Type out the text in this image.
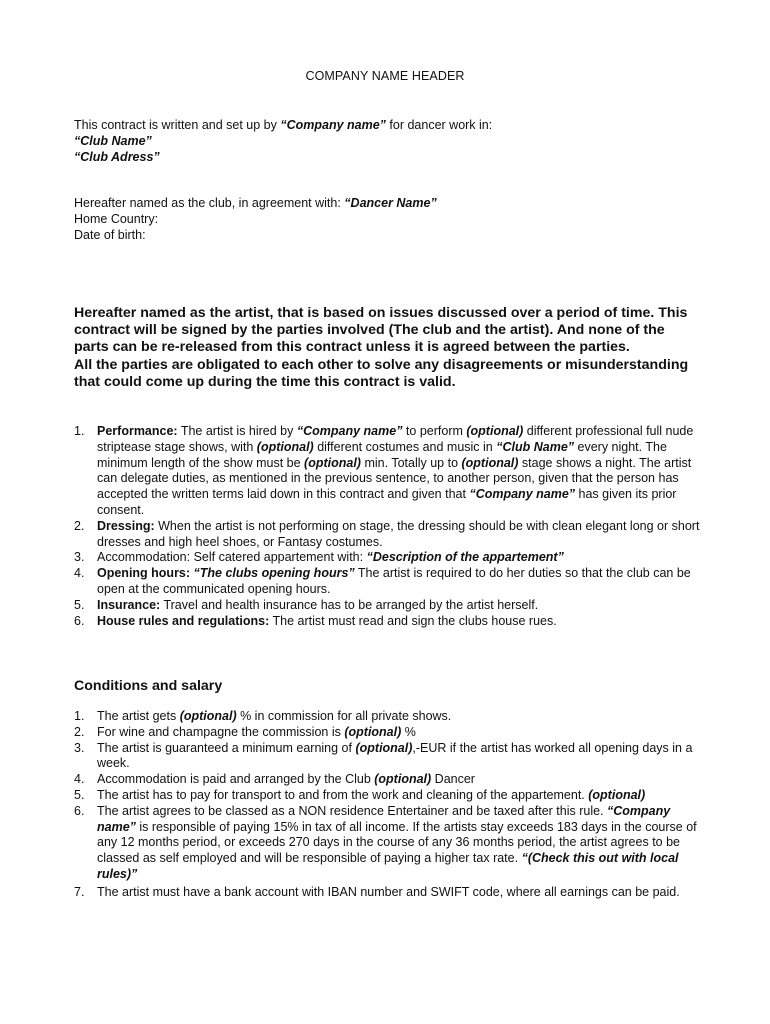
COMPANY NAME HEADER
This contract is written and set up by “Company name” for dancer work in:
“Club Name”
“Club Adress”
Hereafter named as the club, in agreement with: “Dancer Name”
Home Country:
Date of birth:
Hereafter named as the artist, that is based on issues discussed over a period of time. This contract will be signed by the parties involved (The club and the artist). And none of the parts can be re-released from this contract unless it is agreed between the parties.
All the parties are obligated to each other to solve any disagreements or misunderstanding that could come up during the time this contract is valid.
1. Performance: The artist is hired by “Company name” to perform (optional) different professional full nude striptease stage shows, with (optional) different costumes and music in “Club Name” every night. The minimum length of the show must be (optional) min. Totally up to (optional) stage shows a night. The artist can delegate duties, as mentioned in the previous sentence, to another person, given that the person has accepted the written terms laid down in this contract and given that “Company name” has given its prior consent.
2. Dressing: When the artist is not performing on stage, the dressing should be with clean elegant long or short dresses and high heel shoes, or Fantasy costumes.
3. Accommodation: Self catered appartement with: “Description of the appartement”
4. Opening hours: “The clubs opening hours” The artist is required to do her duties so that the club can be open at the communicated opening hours.
5. Insurance: Travel and health insurance has to be arranged by the artist herself.
6. House rules and regulations: The artist must read and sign the clubs house rues.
Conditions and salary
1. The artist gets (optional) % in commission for all private shows.
2. For wine and champagne the commission is (optional) %
3. The artist is guaranteed a minimum earning of (optional),-EUR if the artist has worked all opening days in a week.
4. Accommodation is paid and arranged by the Club (optional) Dancer
5. The artist has to pay for transport to and from the work and cleaning of the appartement. (optional)
6. The artist agrees to be classed as a NON residence Entertainer and be taxed after this rule. “Company name” is responsible of paying 15% in tax of all income. If the artists stay exceeds 183 days in the course of any 12 months period, or exceeds 270 days in the course of any 36 months period, the artist agrees to be classed as self employed and will be responsible of paying a higher tax rate. “(Check this out with local rules)”
7. The artist must have a bank account with IBAN number and SWIFT code, where all earnings can be paid.
